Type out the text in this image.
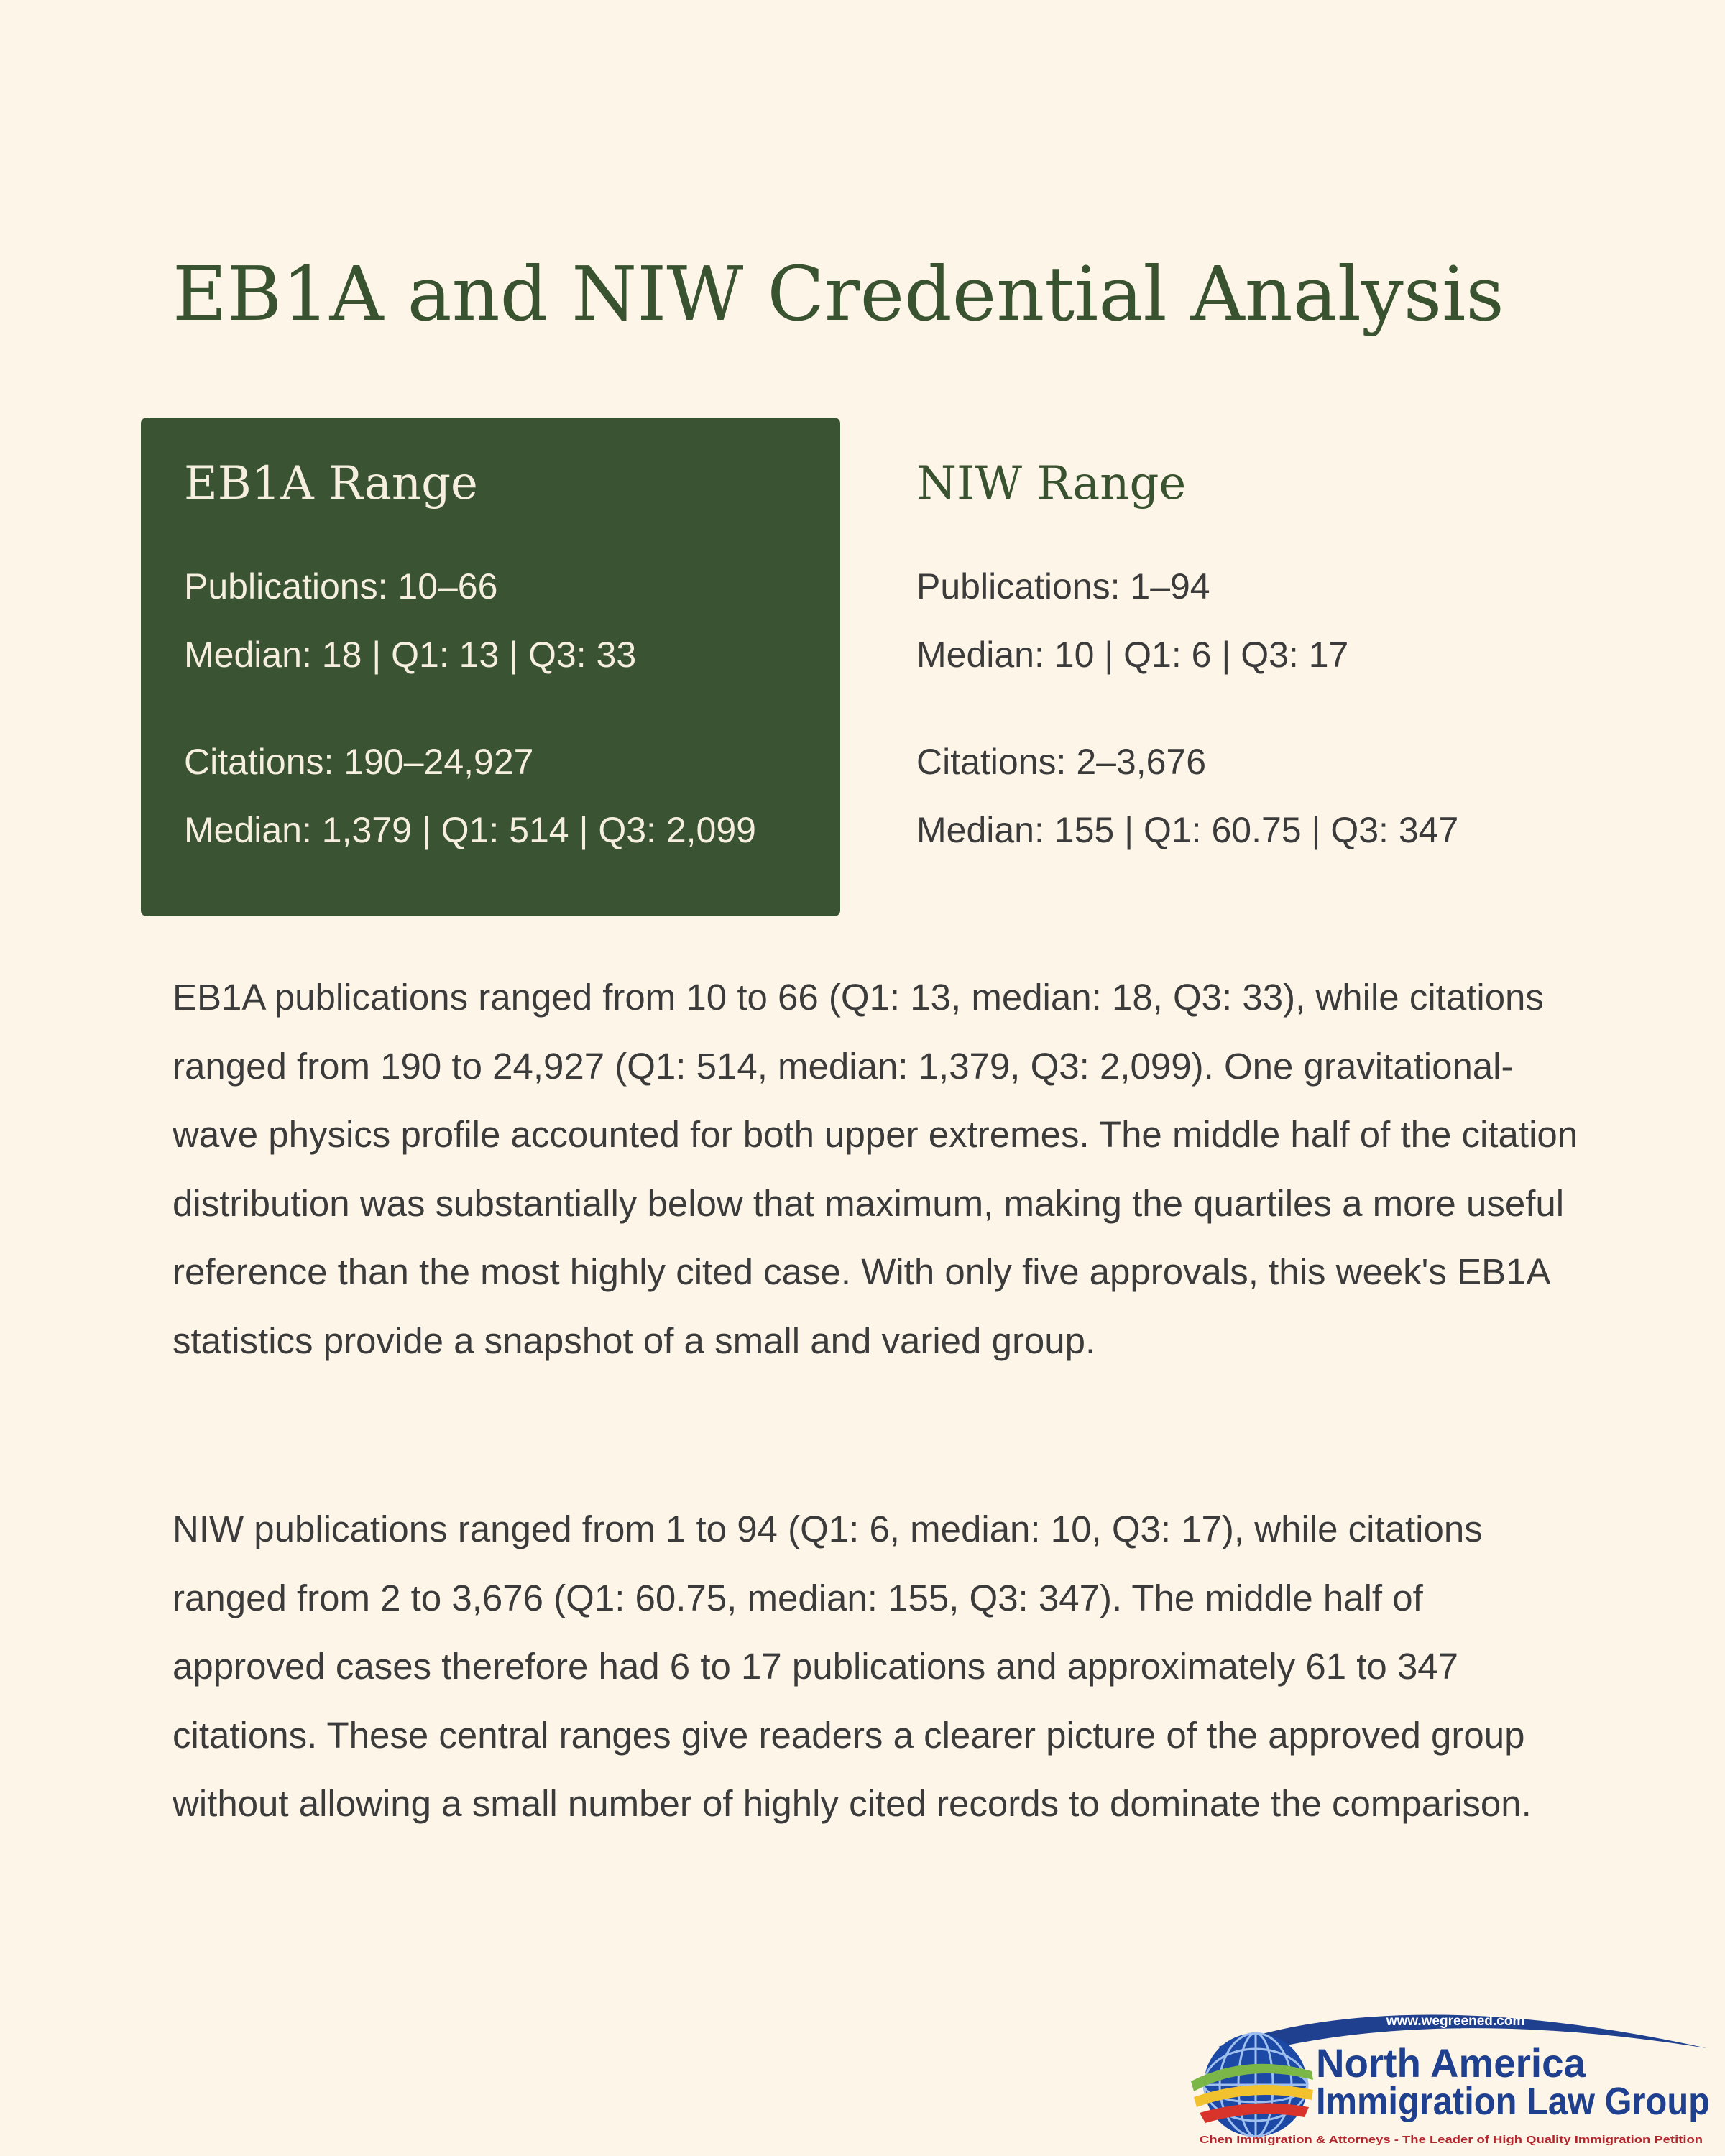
EB1A and NIW Credential Analysis
EB1A Range
Publications: 10–66
Median: 18 | Q1: 13 | Q3: 33
Citations: 190–24,927
Median: 1,379 | Q1: 514 | Q3: 2,099
NIW Range
Publications: 1–94
Median: 10 | Q1: 6 | Q3: 17
Citations: 2–3,676
Median: 155 | Q1: 60.75 | Q3: 347

EB1A publications ranged from 10 to 66 (Q1: 13, median: 18, Q3: 33), while citations ranged from 190 to 24,927 (Q1: 514, median: 1,379, Q3: 2,099). One gravitational-wave physics profile accounted for both upper extremes. The middle half of the citation distribution was substantially below that maximum, making the quartiles a more useful reference than the most highly cited case. With only five approvals, this week's EB1A statistics provide a snapshot of a small and varied group.

NIW publications ranged from 1 to 94 (Q1: 6, median: 10, Q3: 17), while citations ranged from 2 to 3,676 (Q1: 60.75, median: 155, Q3: 347). The middle half of approved cases therefore had 6 to 17 publications and approximately 61 to 347 citations. These central ranges give readers a clearer picture of the approved group without allowing a small number of highly cited records to dominate the comparison.

www.wegreened.com
North America
Immigration Law Group
Chen Immigration & Attorneys - The Leader of High Quality Immigration Petition
